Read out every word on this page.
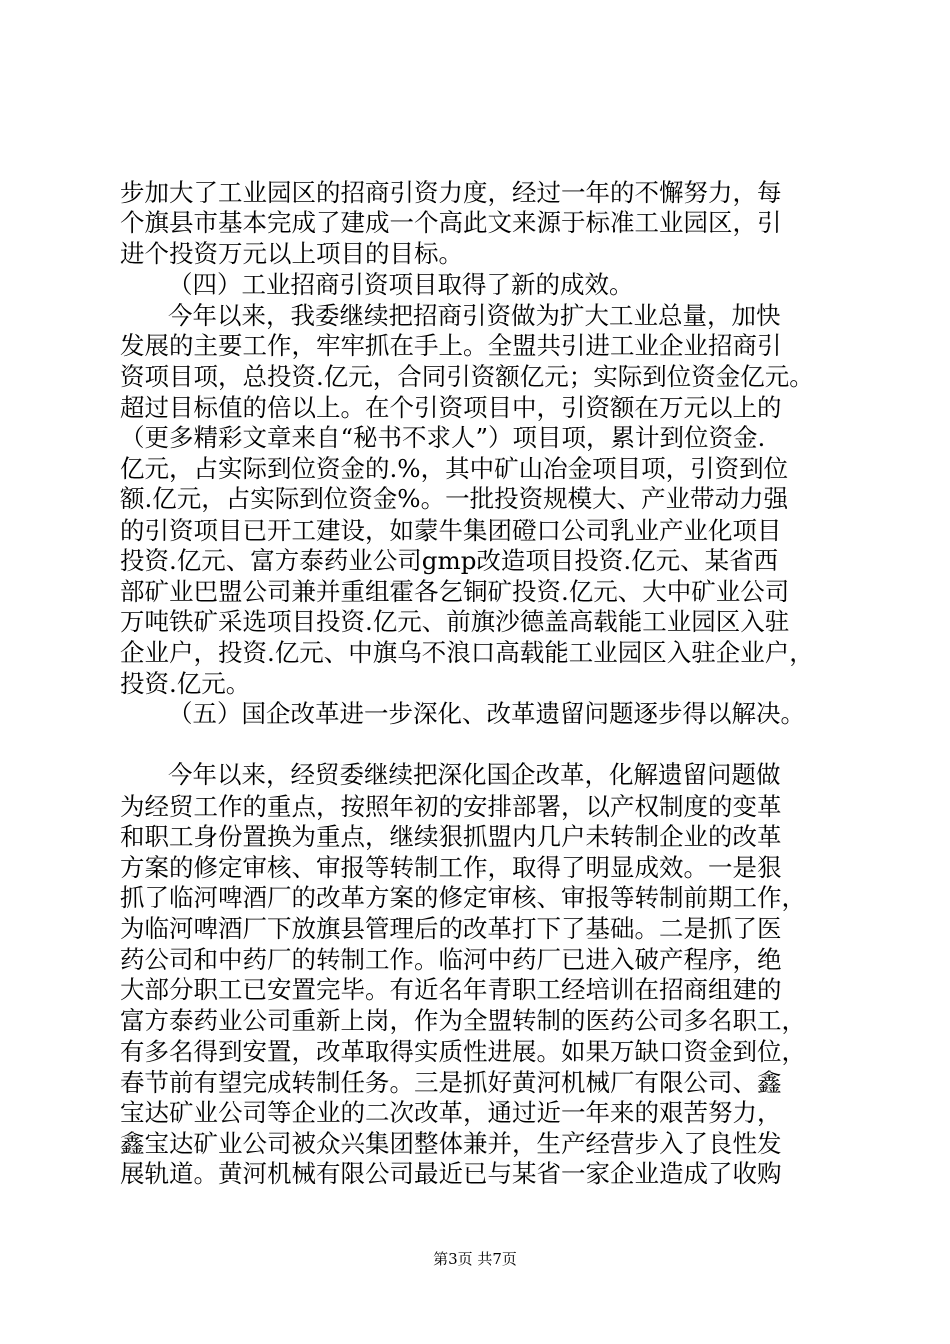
步加大了工业园区的招商引资力度，经过一年的不懈努力，每
个旗县市基本完成了建成一个高此文来源于标准工业园区，引
进个投资万元以上项目的目标。
（四）工业招商引资项目取得了新的成效。
今年以来，我委继续把招商引资做为扩大工业总量，加快
发展的主要工作，牢牢抓在手上。全盟共引进工业企业招商引
资项目项，总投资.亿元，合同引资额亿元；实际到位资金亿元。
超过目标值的倍以上。在个引资项目中，引资额在万元以上的
（更多精彩文章来自“秘书不求人”）项目项，累计到位资金.
亿元，占实际到位资金的.%，其中矿山冶金项目项，引资到位
额.亿元，占实际到位资金%。一批投资规模大、产业带动力强
的引资项目已开工建设，如蒙牛集团磴口公司乳业产业化项目
投资.亿元、富方泰药业公司gmp改造项目投资.亿元、某省西
部矿业巴盟公司兼并重组霍各乞铜矿投资.亿元、大中矿业公司
万吨铁矿采选项目投资.亿元、前旗沙德盖高载能工业园区入驻
企业户，投资.亿元、中旗乌不浪口高载能工业园区入驻企业户，
投资.亿元。
（五）国企改革进一步深化、改革遗留问题逐步得以解决。
今年以来，经贸委继续把深化国企改革，化解遗留问题做
为经贸工作的重点，按照年初的安排部署，以产权制度的变革
和职工身份置换为重点，继续狠抓盟内几户未转制企业的改革
方案的修定审核、审报等转制工作，取得了明显成效。一是狠
抓了临河啤酒厂的改革方案的修定审核、审报等转制前期工作，
为临河啤酒厂下放旗县管理后的改革打下了基础。二是抓了医
药公司和中药厂的转制工作。临河中药厂已进入破产程序，绝
大部分职工已安置完毕。有近名年青职工经培训在招商组建的
富方泰药业公司重新上岗，作为全盟转制的医药公司多名职工，
有多名得到安置，改革取得实质性进展。如果万缺口资金到位，
春节前有望完成转制任务。三是抓好黄河机械厂有限公司、鑫
宝达矿业公司等企业的二次改革，通过近一年来的艰苦努力，
鑫宝达矿业公司被众兴集团整体兼并，生产经营步入了良性发
展轨道。黄河机械有限公司最近已与某省一家企业造成了收购
第3页 共7页
